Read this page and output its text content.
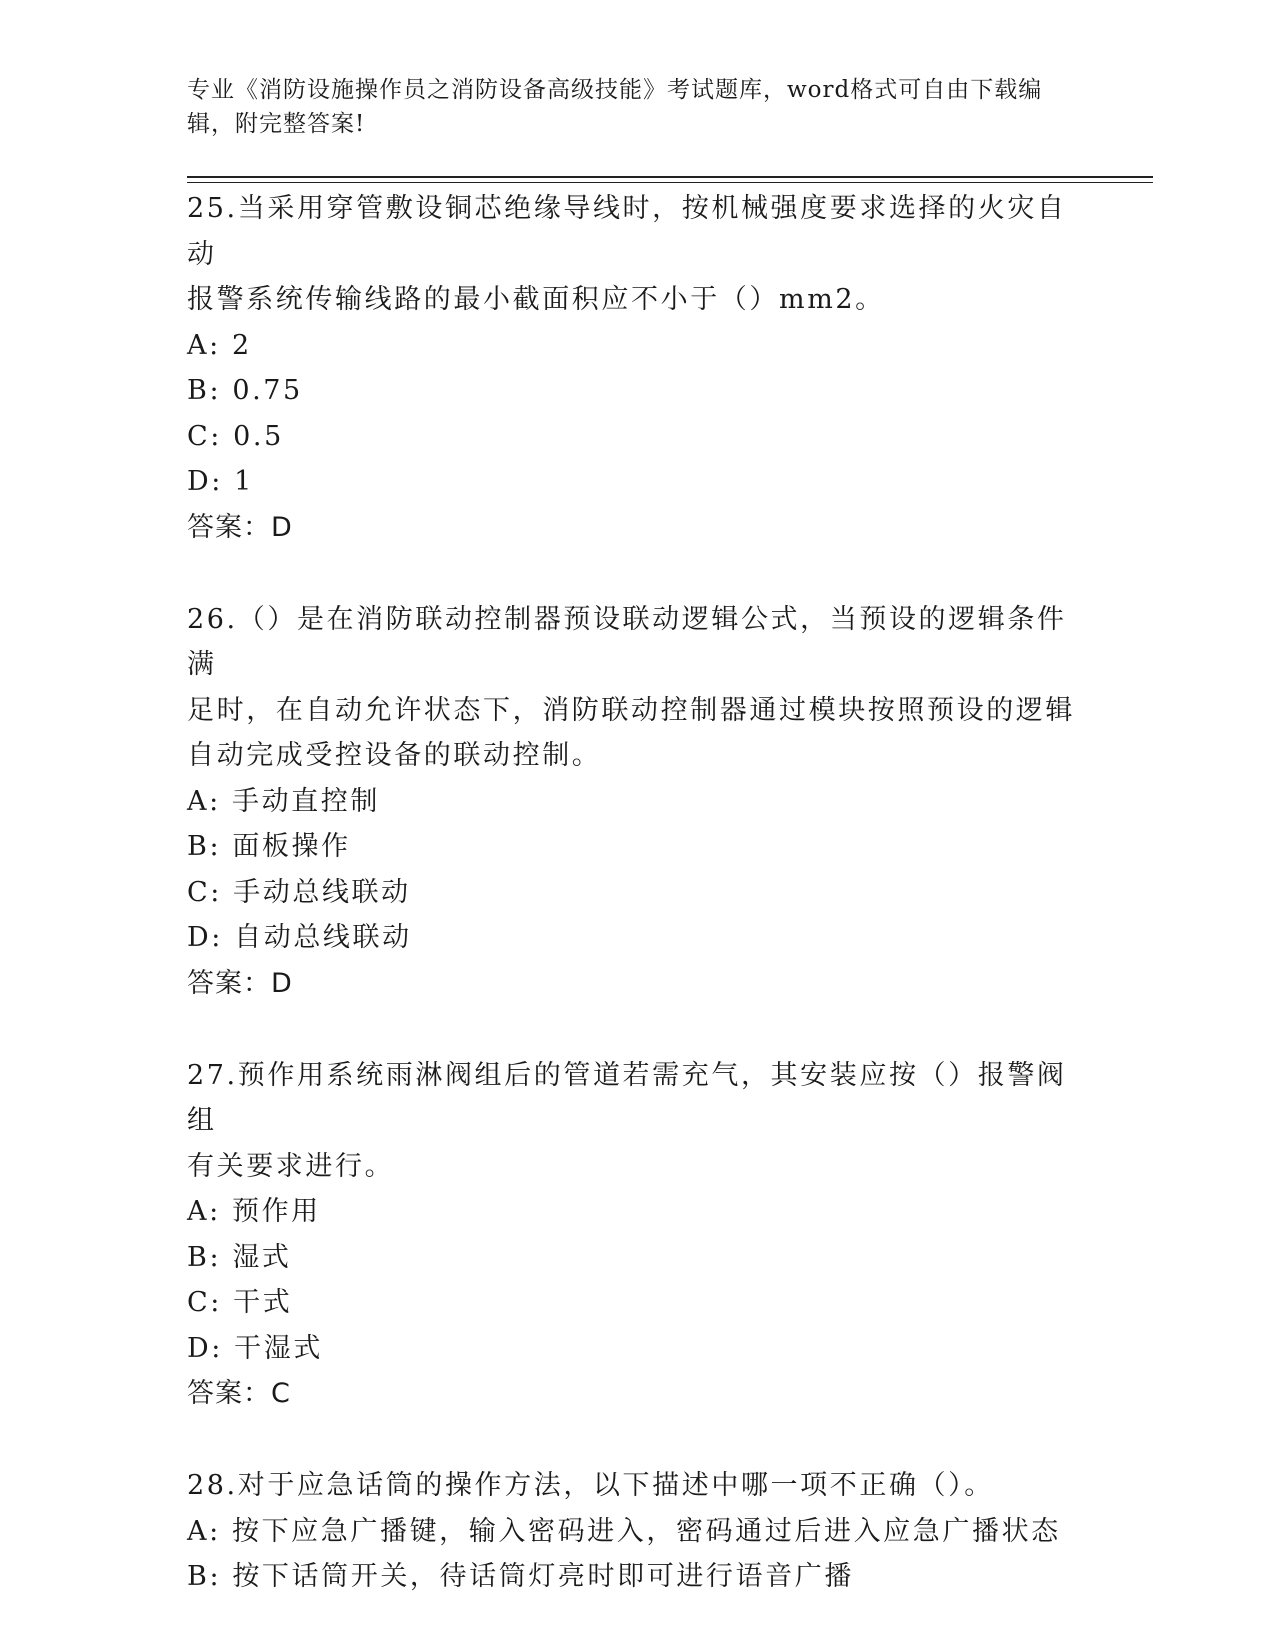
专业《消防设施操作员之消防设备高级技能》考试题库，word格式可自由下载编
辑，附完整答案!
25.当采用穿管敷设铜芯绝缘导线时，按机械强度要求选择的火灾自动
报警系统传输线路的最小截面积应不小于（）mm2。
A: 2
B: 0.75
C: 0.5
D: 1
答案：D
26.（）是在消防联动控制器预设联动逻辑公式，当预设的逻辑条件满
足时，在自动允许状态下，消防联动控制器通过模块按照预设的逻辑
自动完成受控设备的联动控制。
A: 手动直控制
B: 面板操作
C: 手动总线联动
D: 自动总线联动
答案：D
27.预作用系统雨淋阀组后的管道若需充气，其安装应按（）报警阀组
有关要求进行。
A: 预作用
B: 湿式
C: 干式
D: 干湿式
答案：C
28.对于应急话筒的操作方法，以下描述中哪一项不正确（）。
A: 按下应急广播键，输入密码进入，密码通过后进入应急广播状态
B: 按下话筒开关，待话筒灯亮时即可进行语音广播
